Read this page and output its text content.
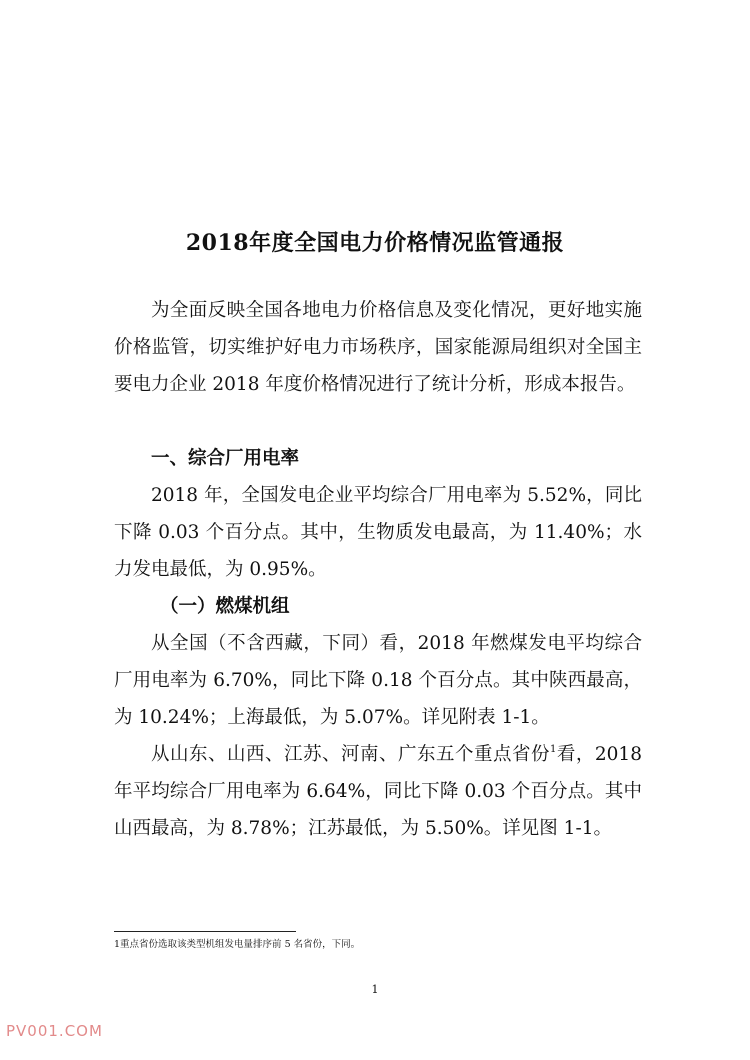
2018年度全国电力价格情况监管通报

为全面反映全国各地电力价格信息及变化情况，更好地实施价格监管，切实维护好电力市场秩序，国家能源局组织对全国主要电力企业 2018 年度价格情况进行了统计分析，形成本报告。

一、综合厂用电率

2018 年，全国发电企业平均综合厂用电率为 5.52%，同比下降 0.03 个百分点。其中，生物质发电最高，为 11.40%；水力发电最低，为 0.95%。

（一）燃煤机组

从全国（不含西藏，下同）看，2018 年燃煤发电平均综合厂用电率为 6.70%，同比下降 0.18 个百分点。其中陕西最高，为 10.24%；上海最低，为 5.07%。详见附表 1-1。

从山东、山西、江苏、河南、广东五个重点省份$^1$看，2018 年平均综合厂用电率为 6.64%，同比下降 0.03 个百分点。其中山西最高，为 8.78%；江苏最低，为 5.50%。详见图 1-1。

1重点省份选取该类型机组发电量排序前 5 名省份，下同。
1
PV001.COM
